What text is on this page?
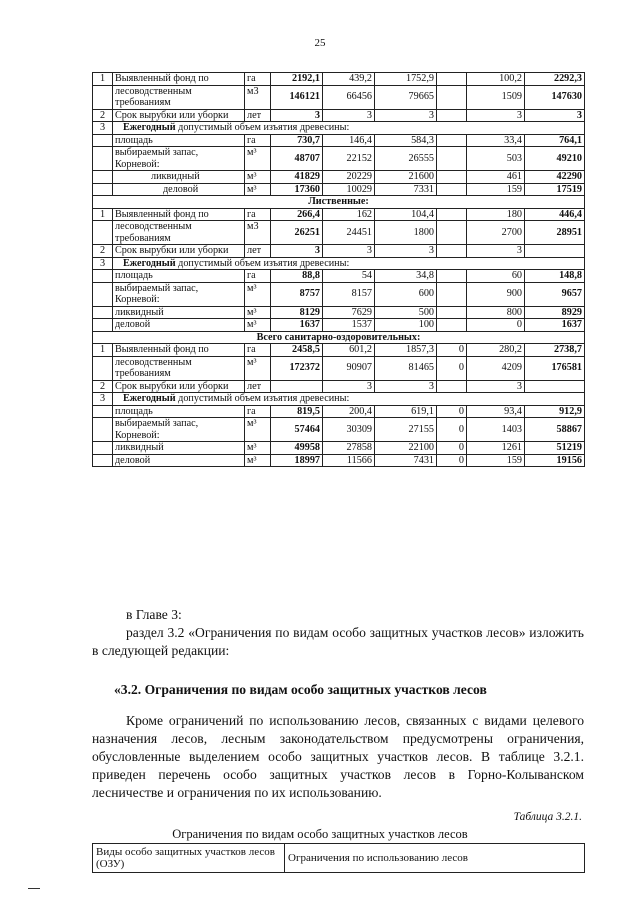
25
1	Выявленный фонд по	га	2192,1	439,2	1752,9		100,2	2292,3
	лесоводственным требованиям	м3	146121	66456	79665		1509	147630
2	Срок вырубки или уборки	лет	3	3	3		3	3
3	Ежегодный допустимый объем изъятия древесины:							
	площадь	га	730,7	146,4	584,3		33,4	764,1
	выбираемый запас, Корневой:	м³	48707	22152	26555		503	49210
	ликвидный	м³	41829	20229	21600		461	42290
	деловой	м³	17360	10029	7331		159	17519
Лиственные:								
1	Выявленный фонд по	га	266,4	162	104,4		180	446,4
	лесоводственным требованиям	м3	26251	24451	1800		2700	28951
2	Срок вырубки или уборки	лет	3	3	3		3	
3	Ежегодный допустимый объем изъятия древесины:							
	площадь	га	88,8	54	34,8		60	148,8
	выбираемый запас, Корневой:	м³	8757	8157	600		900	9657
	ликвидный	м³	8129	7629	500		800	8929
	деловой	м³	1637	1537	100		0	1637
Всего санитарно-оздоровительных:								
1	Выявленный фонд по	га	2458,5	601,2	1857,3	0	280,2	2738,7
	лесоводственным требованиям	м³	172372	90907	81465	0	4209	176581
2	Срок вырубки или уборки	лет		3	3		3	
3	Ежегодный допустимый объем изъятия древесины:							
	площадь	га	819,5	200,4	619,1	0	93,4	912,9
	выбираемый запас, Корневой:	м³	57464	30309	27155	0	1403	58867
	ликвидный	м³	49958	27858	22100	0	1261	51219
	деловой	м³	18997	11566	7431	0	159	19156
в Главе 3:
раздел 3.2 «Ограничения по видам особо защитных участков лесов» изложить в следующей редакции:
«3.2. Ограничения по видам особо защитных участков лесов
Кроме ограничений по использованию лесов, связанных с видами целевого назначения лесов, лесным законодательством предусмотрены ограничения, обусловленные выделением особо защитных участков лесов. В таблице 3.2.1. приведен перечень особо защитных участков лесов в Горно-Колыванском лесничестве и ограничения по их использованию.
Таблица 3.2.1.
Ограничения по видам особо защитных участков лесов
Виды особо защитных участков лесов (ОЗУ)	Ограничения по использованию лесов
